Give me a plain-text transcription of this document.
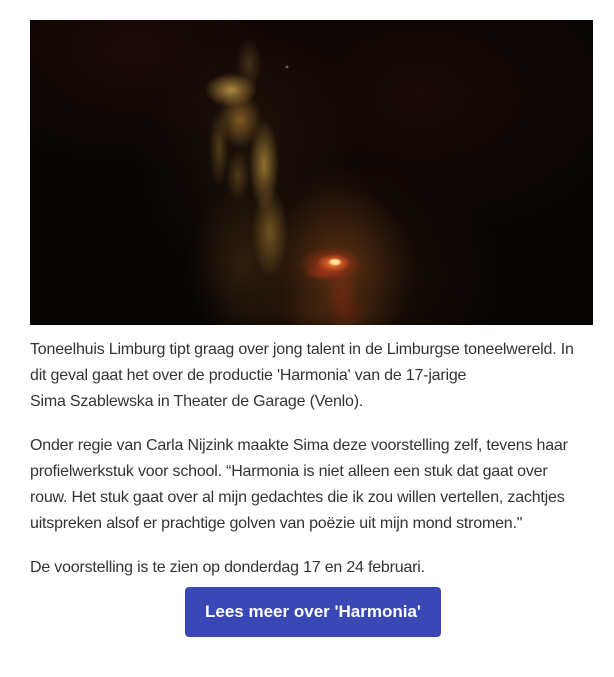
Toneelhuis Limburg tipt graag over jong talent in de Limburgse toneelwereld. In
dit geval gaat het over de productie 'Harmonia' van de 17-jarige
Sima Szablewska in Theater de Garage (Venlo).

Onder regie van Carla Nijzink maakte Sima deze voorstelling zelf, tevens haar
profielwerkstuk voor school. “Harmonia is niet alleen een stuk dat gaat over
rouw. Het stuk gaat over al mijn gedachtes die ik zou willen vertellen, zachtjes
uitspreken alsof er prachtige golven van poëzie uit mijn mond stromen."

De voorstelling is te zien op donderdag 17 en 24 februari.

Lees meer over 'Harmonia'
